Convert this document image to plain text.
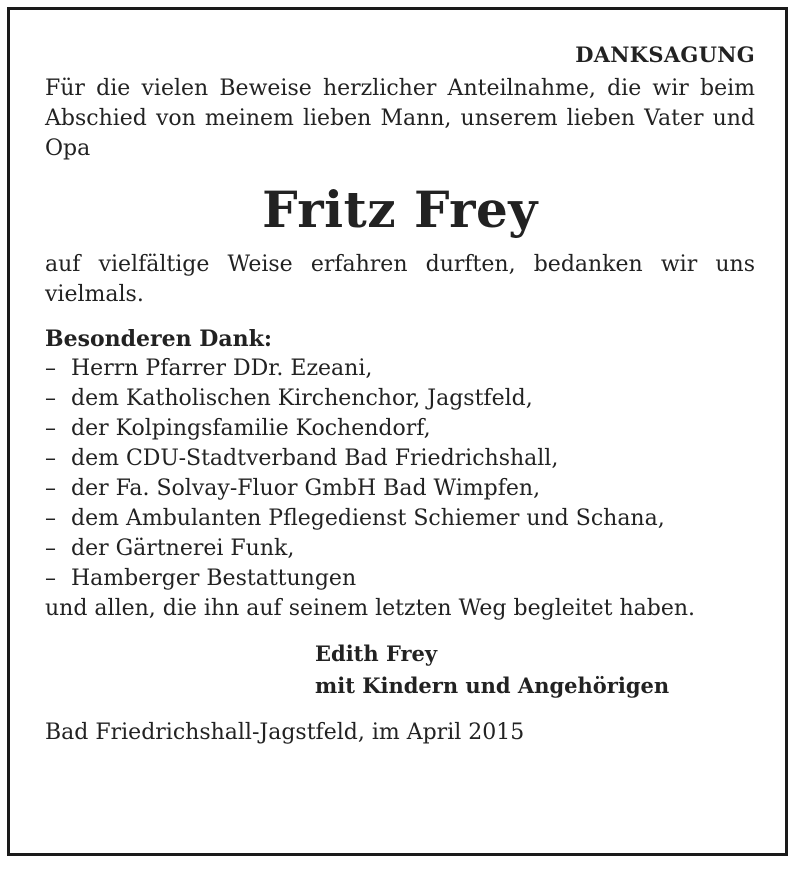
DANKSAGUNG

Für die vielen Beweise herzlicher Anteilnahme, die wir beim Abschied von meinem lieben Mann, unserem lieben Vater und Opa

Fritz Frey

auf vielfältige Weise erfahren durften, bedanken wir uns vielmals.

Besonderen Dank:

– Herrn Pfarrer DDr. Ezeani,
– dem Katholischen Kirchenchor, Jagstfeld,
– der Kolpingsfamilie Kochendorf,
– dem CDU-Stadtverband Bad Friedrichshall,
– der Fa. Solvay-Fluor GmbH Bad Wimpfen,
– dem Ambulanten Pflegedienst Schiemer und Schana,
– der Gärtnerei Funk,
– Hamberger Bestattungen

und allen, die ihn auf seinem letzten Weg begleitet haben.

Edith Frey
mit Kindern und Angehörigen

Bad Friedrichshall-Jagstfeld, im April 2015
